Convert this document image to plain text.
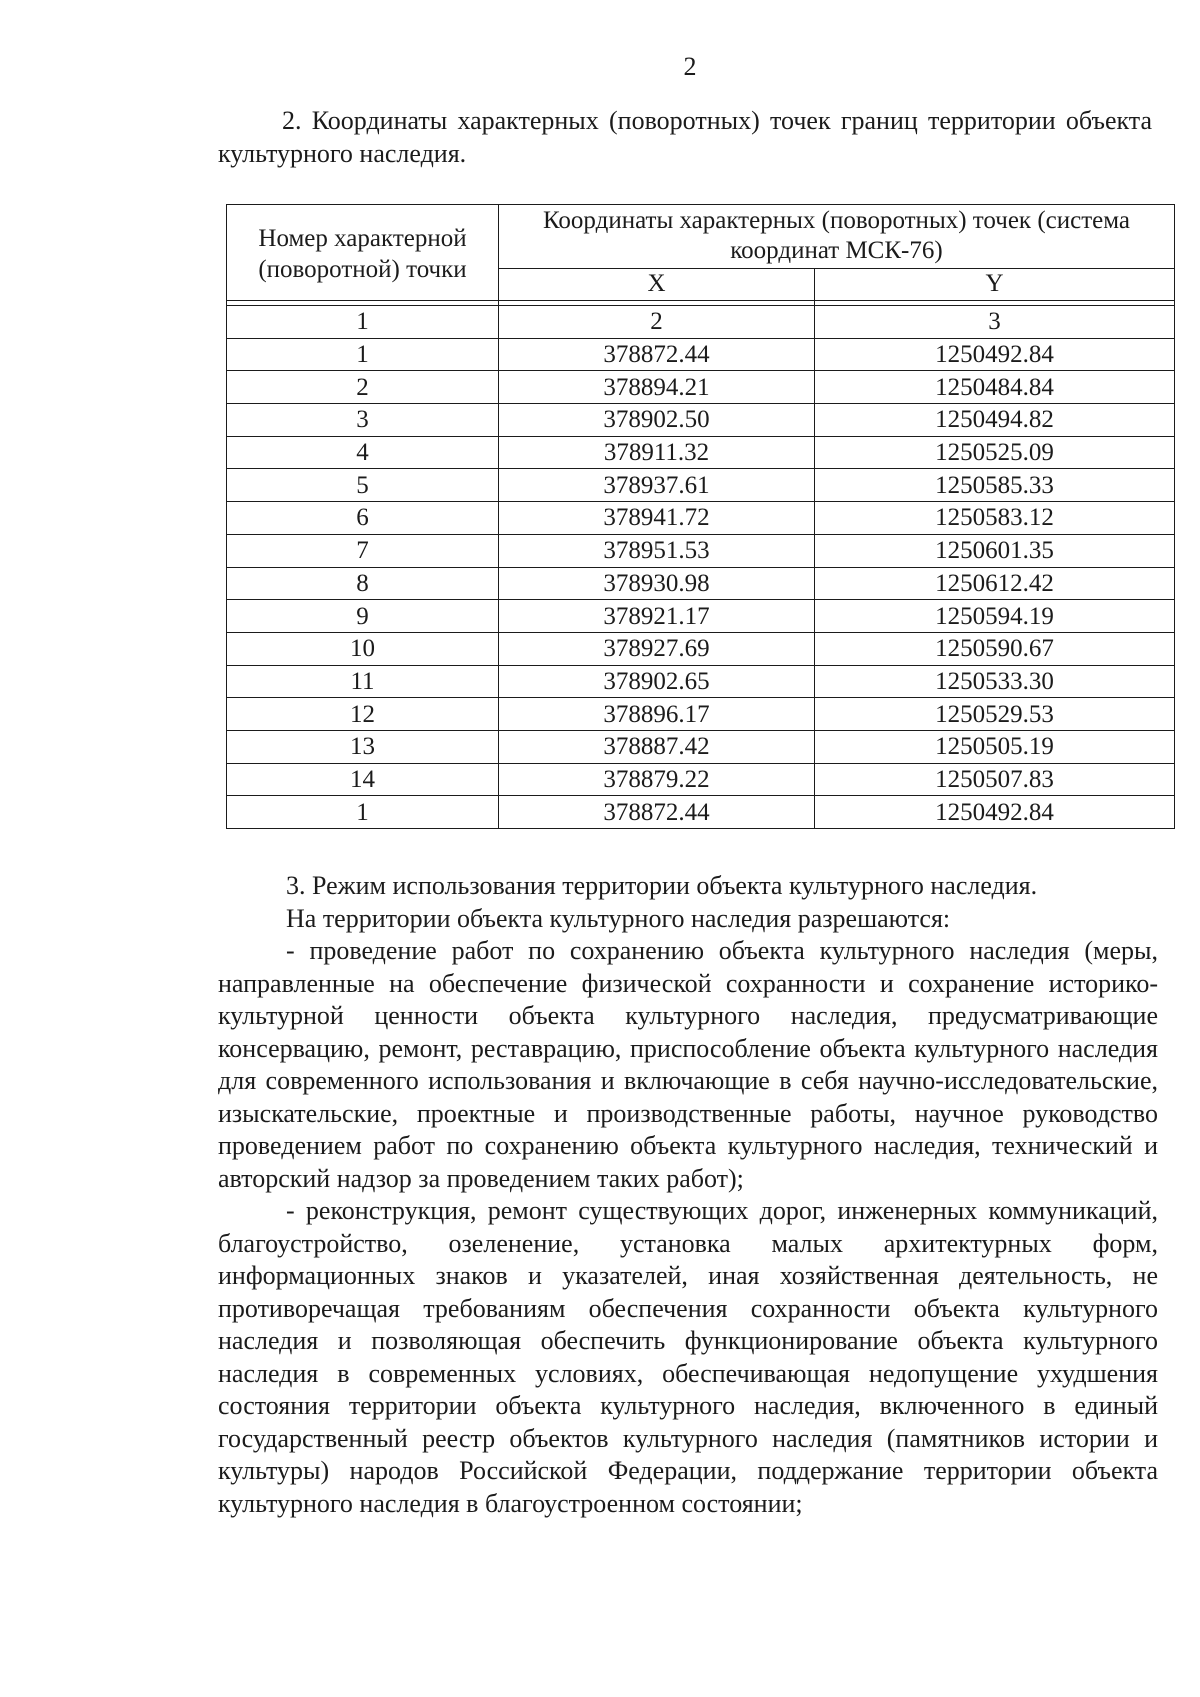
2

2. Координаты характерных (поворотных) точек границ территории объекта культурного наследия.

Номер характерной (поворотной) точки	Координаты характерных (поворотных) точек (система координат МСК-76)	
	X	Y

1	2	3
1	378872.44	1250492.84
2	378894.21	1250484.84
3	378902.50	1250494.82
4	378911.32	1250525.09
5	378937.61	1250585.33
6	378941.72	1250583.12
7	378951.53	1250601.35
8	378930.98	1250612.42
9	378921.17	1250594.19
10	378927.69	1250590.67
11	378902.65	1250533.30
12	378896.17	1250529.53
13	378887.42	1250505.19
14	378879.22	1250507.83
1	378872.44	1250492.84

3. Режим использования территории объекта культурного наследия.

На территории объекта культурного наследия разрешаются:

- проведение работ по сохранению объекта культурного наследия (меры, направленные на обеспечение физической сохранности и сохранение историко-культурной ценности объекта культурного наследия, предусматривающие консервацию, ремонт, реставрацию, приспособление объекта культурного наследия для современного использования и включающие в себя научно-исследовательские, изыскательские, проектные и производственные работы, научное руководство проведением работ по сохранению объекта культурного наследия, технический и авторский надзор за проведением таких работ);

- реконструкция, ремонт существующих дорог, инженерных коммуникаций, благоустройство, озеленение, установка малых архитектурных форм, информационных знаков и указателей, иная хозяйственная деятельность, не противоречащая требованиям обеспечения сохранности объекта культурного наследия и позволяющая обеспечить функционирование объекта культурного наследия в современных условиях, обеспечивающая недопущение ухудшения состояния территории объекта культурного наследия, включенного в единый государственный реестр объектов культурного наследия (памятников истории и культуры) народов Российской Федерации, поддержание территории объекта культурного наследия в благоустроенном состоянии;
